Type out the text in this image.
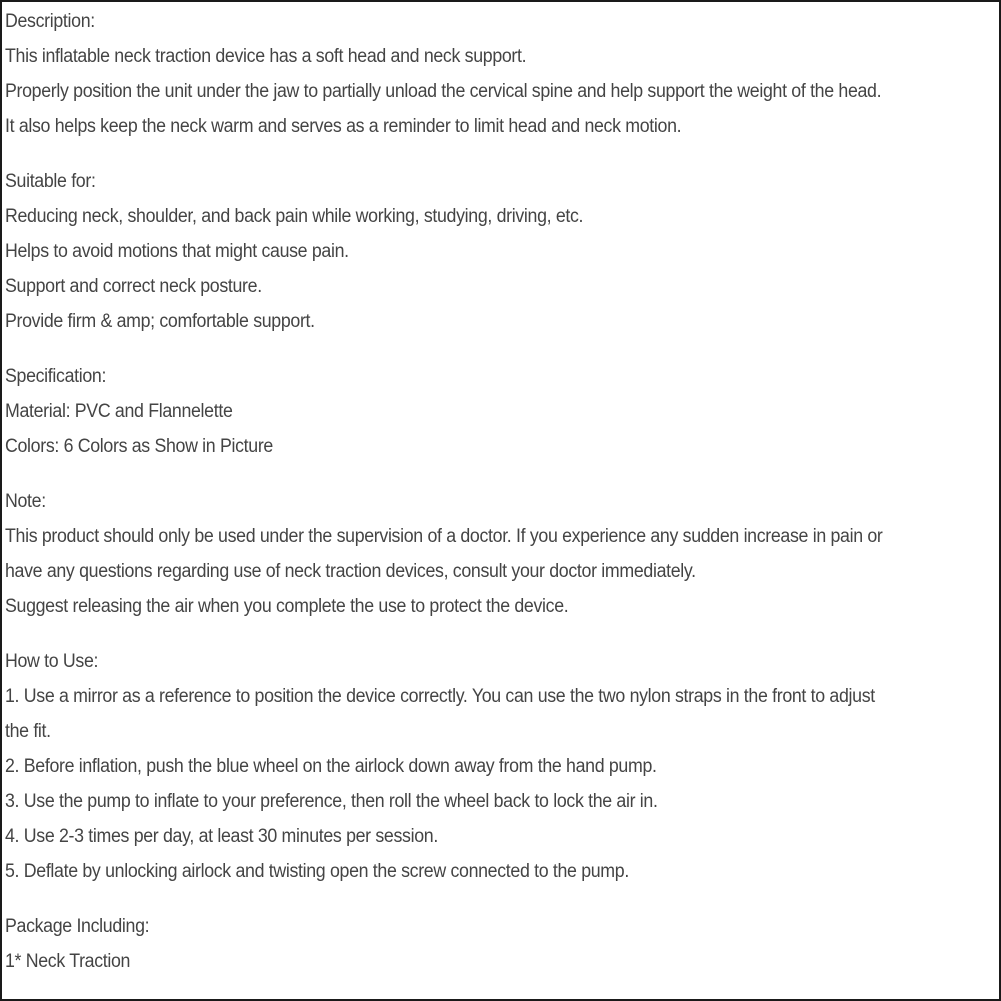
Description:
This inflatable neck traction device has a soft head and neck support.
Properly position the unit under the jaw to partially unload the cervical spine and help support the weight of the head.
It also helps keep the neck warm and serves as a reminder to limit head and neck motion.
Suitable for:
Reducing neck, shoulder, and back pain while working, studying, driving, etc.
Helps to avoid motions that might cause pain.
Support and correct neck posture.
Provide firm & amp; comfortable support.
Specification:
Material: PVC and Flannelette
Colors: 6 Colors as Show in Picture
Note:
This product should only be used under the supervision of a doctor. If you experience any sudden increase in pain or
have any questions regarding use of neck traction devices, consult your doctor immediately.
Suggest releasing the air when you complete the use to protect the device.
How to Use:
1. Use a mirror as a reference to position the device correctly. You can use the two nylon straps in the front to adjust
the fit.
2. Before inflation, push the blue wheel on the airlock down away from the hand pump.
3. Use the pump to inflate to your preference, then roll the wheel back to lock the air in.
4. Use 2-3 times per day, at least 30 minutes per session.
5. Deflate by unlocking airlock and twisting open the screw connected to the pump.
Package Including:
1* Neck Traction
